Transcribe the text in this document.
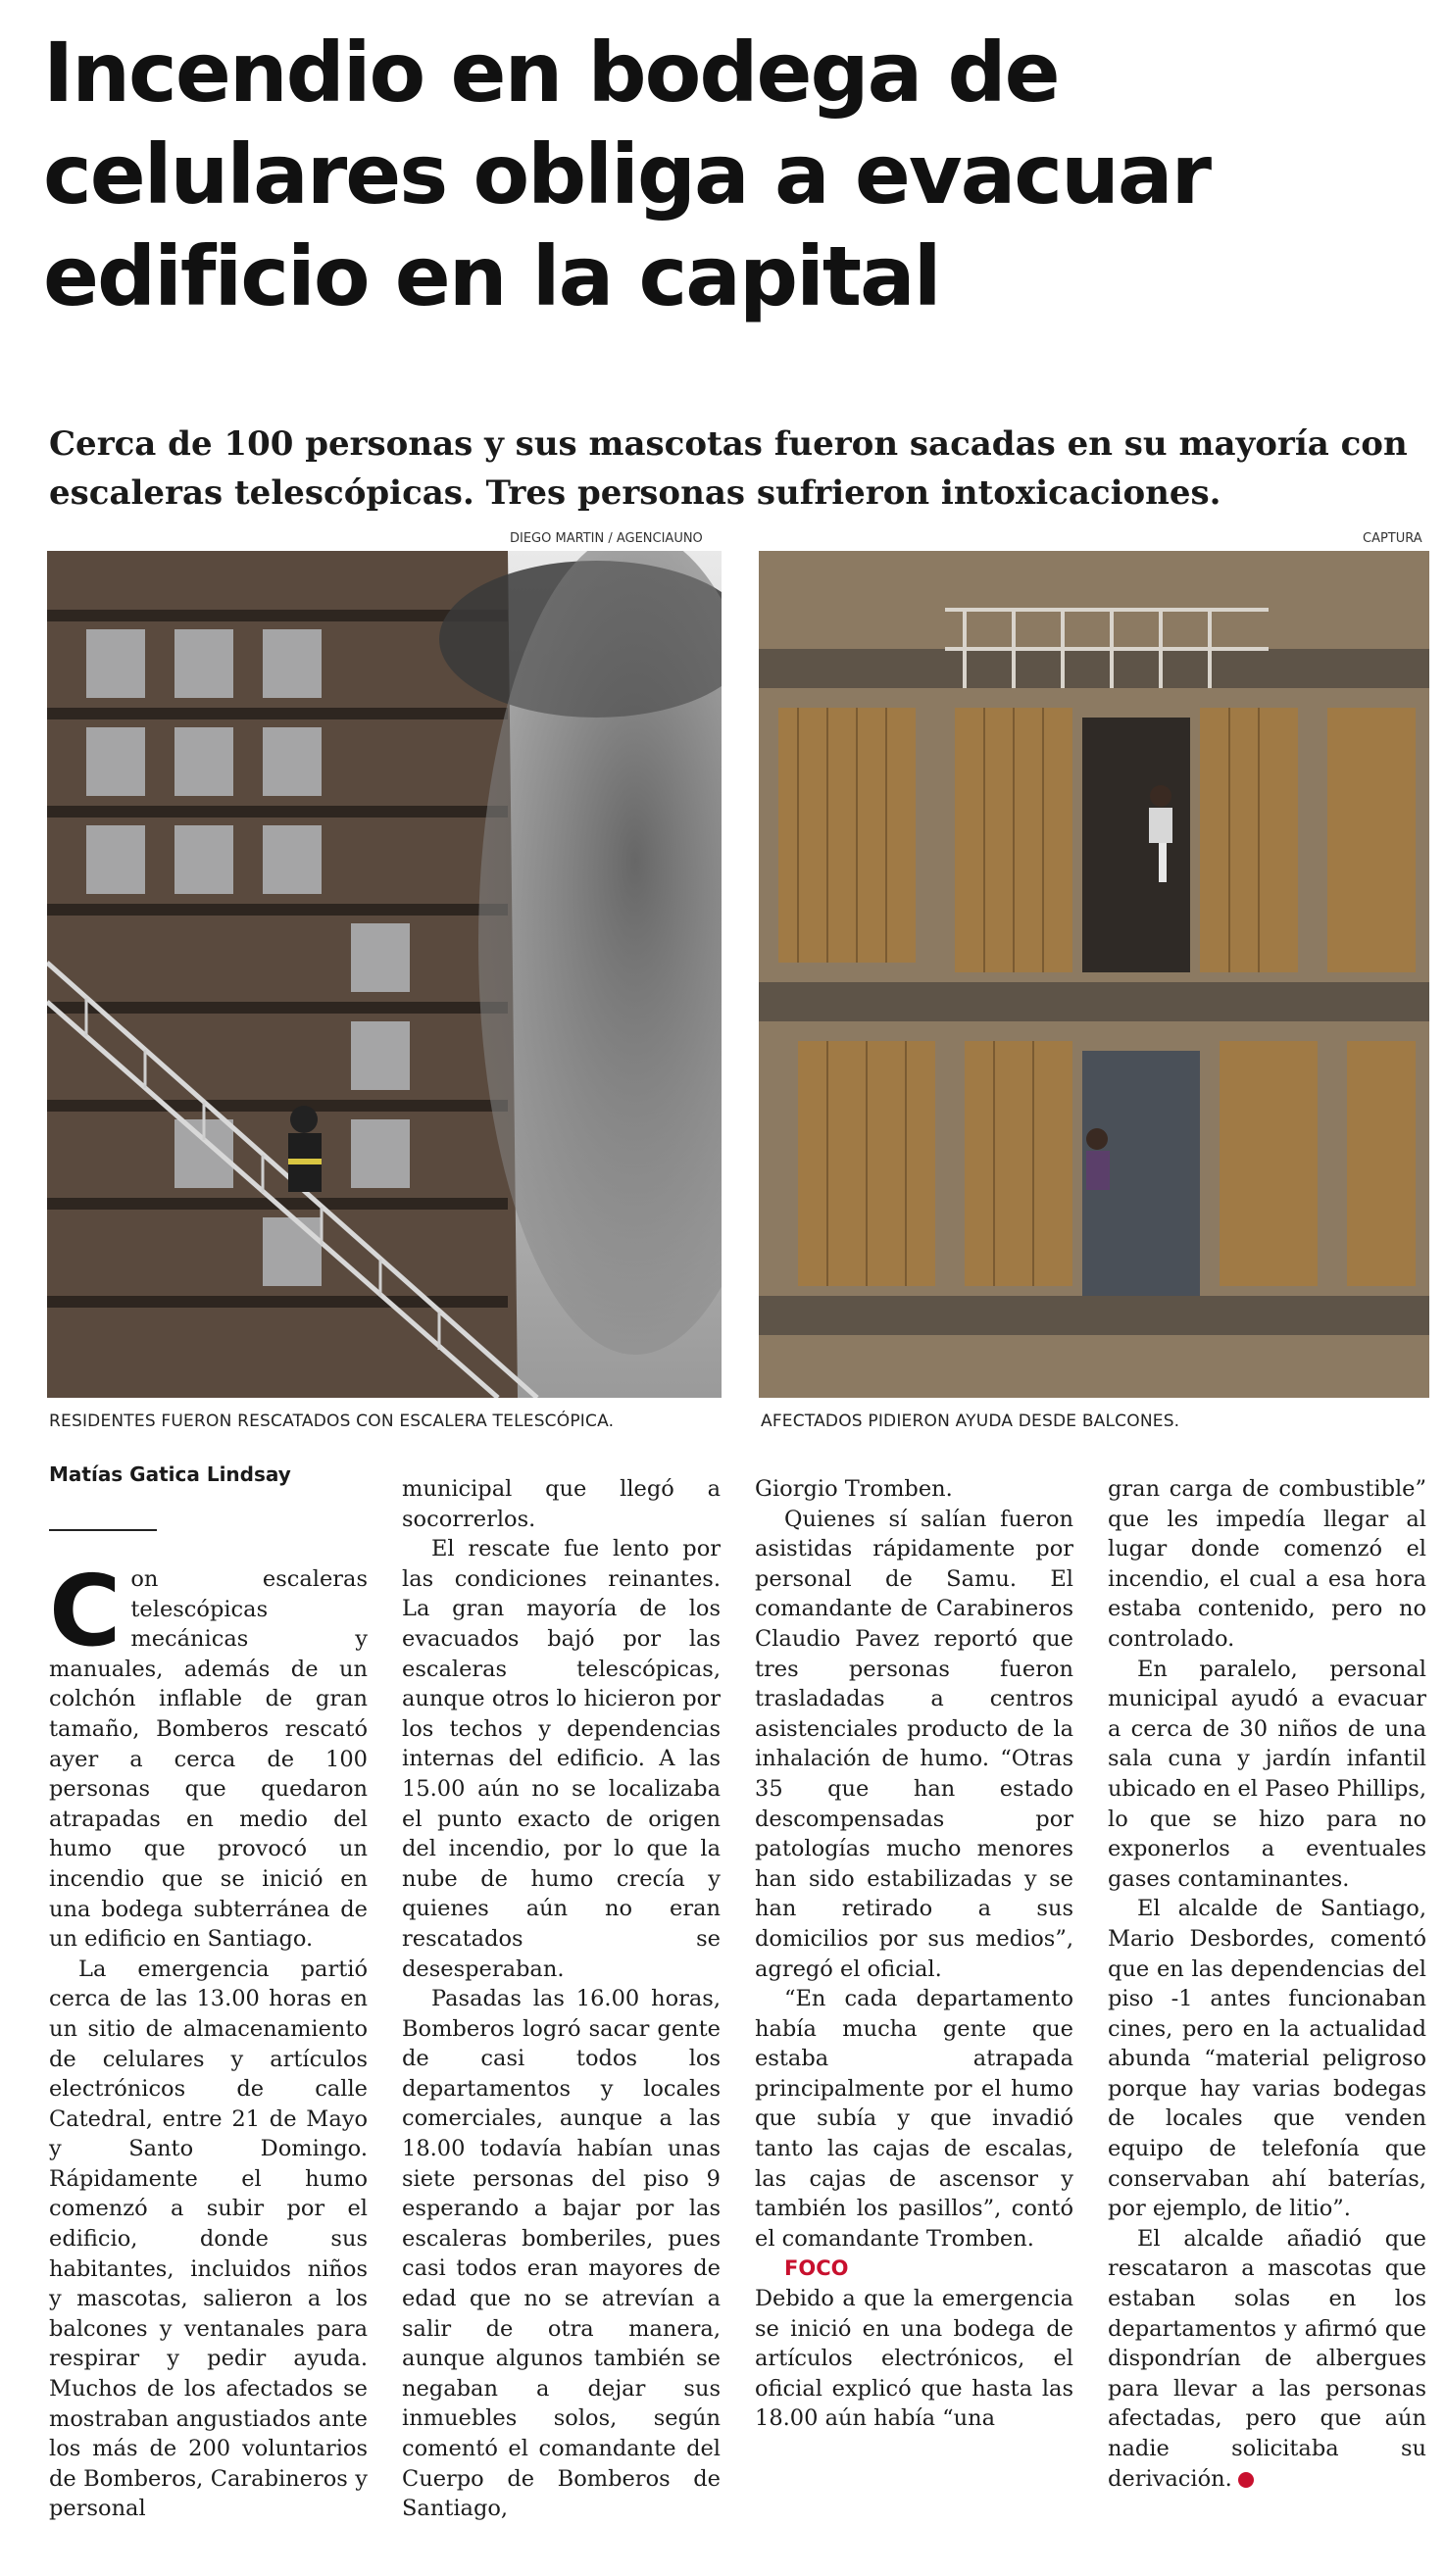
Incendio en bodega de
celulares obliga a evacuar
edificio en la capital
Cerca de 100 personas y sus mascotas fueron sacadas en su mayoría con
escaleras telescópicas. Tres personas sufrieron intoxicaciones.
DIEGO MARTIN / AGENCIAUNO	CAPTURA
RESIDENTES FUERON RESCATADOS CON ESCALERA TELESCÓPICA.	AFECTADOS PIDIERON AYUDA DESDE BALCONES.
Matías Gatica Lindsay

Con escaleras telescópicas mecánicas y manuales, además de un colchón inflable de gran tamaño, Bomberos rescató ayer a cerca de 100 personas que quedaron atrapadas en medio del humo que provocó un incendio que se inició en una bodega subterránea de un edificio en Santiago.

La emergencia partió cerca de las 13.00 horas en un sitio de almacenamiento de celulares y artículos electrónicos de calle Catedral, entre 21 de Mayo y Santo Domingo. Rápidamente el humo comenzó a subir por el edificio, donde sus habitantes, incluidos niños y mascotas, salieron a los balcones y ventanales para respirar y pedir ayuda. Muchos de los afectados se mostraban angustiados ante los más de 200 voluntarios de Bomberos, Carabineros y personal

municipal que llegó a socorrerlos.

El rescate fue lento por las condiciones reinantes. La gran mayoría de los evacuados bajó por las escaleras telescópicas, aunque otros lo hicieron por los techos y dependencias internas del edificio. A las 15.00 aún no se localizaba el punto exacto de origen del incendio, por lo que la nube de humo crecía y quienes aún no eran rescatados se desesperaban.

Pasadas las 16.00 horas, Bomberos logró sacar gente de casi todos los departamentos y locales comerciales, aunque a las 18.00 todavía habían unas siete personas del piso 9 esperando a bajar por las escaleras bomberiles, pues casi todos eran mayores de edad que no se atrevían a salir de otra manera, aunque algunos también se negaban a dejar sus inmuebles solos, según comentó el comandante del Cuerpo de Bomberos de Santiago,

Giorgio Tromben.

Quienes sí salían fueron asistidas rápidamente por personal de Samu. El comandante de Carabineros Claudio Pavez reportó que tres personas fueron trasladadas a centros asistenciales producto de la inhalación de humo. “Otras 35 que han estado descompensadas por patologías mucho menores han sido estabilizadas y se han retirado a sus domicilios por sus medios”, agregó el oficial.

“En cada departamento había mucha gente que estaba atrapada principalmente por el humo que subía y que invadió tanto las cajas de escalas, las cajas de ascensor y también los pasillos”, contó el comandante Tromben.

FOCO

Debido a que la emergencia se inició en una bodega de artículos electrónicos, el oficial explicó que hasta las 18.00 aún había “una

gran carga de combustible” que les impedía llegar al lugar donde comenzó el incendio, el cual a esa hora estaba contenido, pero no controlado.

En paralelo, personal municipal ayudó a evacuar a cerca de 30 niños de una sala cuna y jardín infantil ubicado en el Paseo Phillips, lo que se hizo para no exponerlos a eventuales gases contaminantes.

El alcalde de Santiago, Mario Desbordes, comentó que en las dependencias del piso -1 antes funcionaban cines, pero en la actualidad abunda “material peligroso porque hay varias bodegas de locales que venden equipo de telefonía que conservaban ahí baterías, por ejemplo, de litio”.

El alcalde añadió que rescataron a mascotas que estaban solas en los departamentos y afirmó que dispondrían de albergues para llevar a las personas afectadas, pero que aún nadie solicitaba su derivación.	✪
